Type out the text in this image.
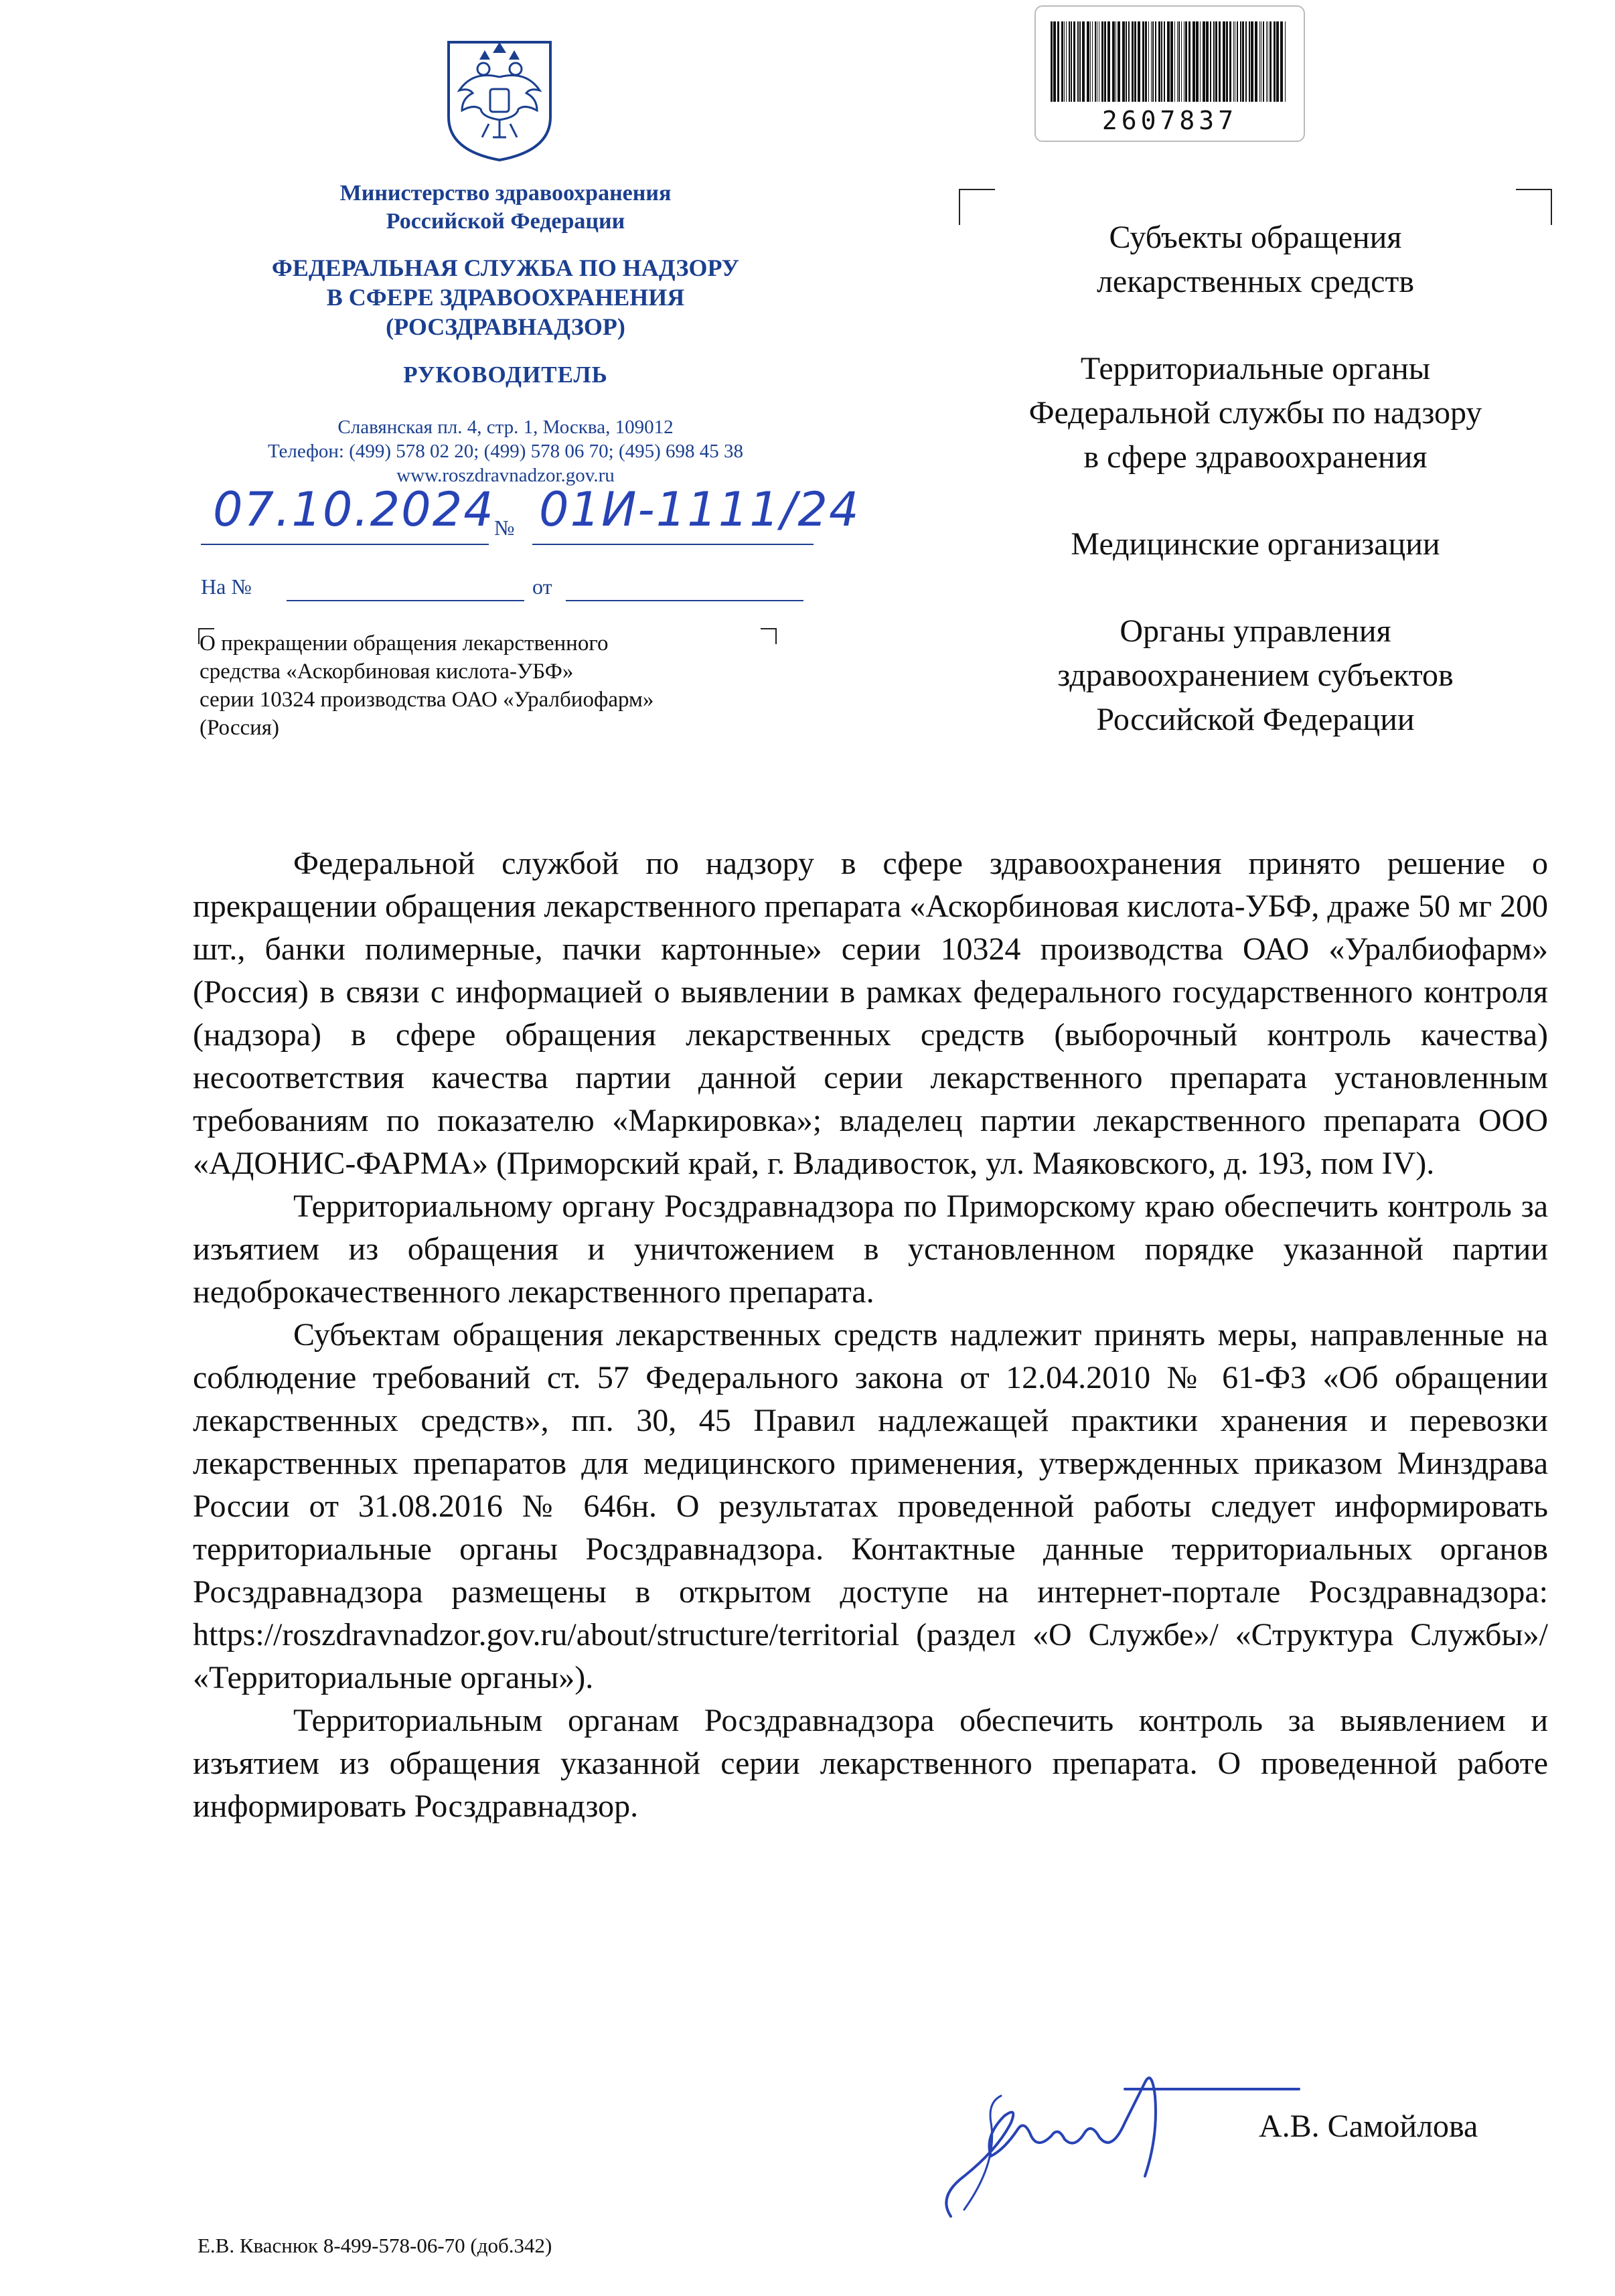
Министерство здравоохранения
Российской Федерации
ФЕДЕРАЛЬНАЯ СЛУЖБА ПО НАДЗОРУ
В СФЕРЕ ЗДРАВООХРАНЕНИЯ
(РОСЗДРАВНАДЗОР)
РУКОВОДИТЕЛЬ
Славянская пл. 4, стр. 1, Москва, 109012
Телефон: (499) 578 02 20; (499) 578 06 70; (495) 698 45 38
www.roszdravnadzor.gov.ru
07.10.2024 № 01И-1111/24
На №	от
О прекращении обращения лекарственного
средства «Аскорбиновая кислота-УБФ»
серии 10324 производства ОАО «Уралбиофарм»
(Россия)
2607837

Субъекты обращения
лекарственных средств

Территориальные органы
Федеральной службы по надзору
в сфере здравоохранения

Медицинские организации

Органы управления
здравоохранением субъектов
Российской Федерации

Федеральной службой по надзору в сфере здравоохранения принято решение о прекращении обращения лекарственного препарата «Аскорбиновая кислота-УБФ, драже 50 мг 200 шт., банки полимерные, пачки картонные» серии 10324 производства ОАО «Уралбиофарм» (Россия) в связи с информацией о выявлении в рамках федерального государственного контроля (надзора) в сфере обращения лекарственных средств (выборочный контроль качества) несоответствия качества партии данной серии лекарственного препарата установленным требованиям по показателю «Маркировка»; владелец партии лекарственного препарата ООО «АДОНИС-ФАРМА» (Приморский край, г. Владивосток, ул. Маяковского, д. 193, пом IV).

Территориальному органу Росздравнадзора по Приморскому краю обеспечить контроль за изъятием из обращения и уничтожением в установленном порядке указанной партии недоброкачественного лекарственного препарата.

Субъектам обращения лекарственных средств надлежит принять меры, направленные на соблюдение требований ст. 57 Федерального закона от 12.04.2010 № 61-ФЗ «Об обращении лекарственных средств», пп. 30, 45 Правил надлежащей практики хранения и перевозки лекарственных препаратов для медицинского применения, утвержденных приказом Минздрава России от 31.08.2016 № 646н. О результатах проведенной работы следует информировать территориальные органы Росздравнадзора. Контактные данные территориальных органов Росздравнадзора размещены в открытом доступе на интернет-портале Росздравнадзора: https://roszdravnadzor.gov.ru/about/structure/territorial (раздел «О Службе»/ «Структура Службы»/ «Территориальные органы»).

Территориальным органам Росздравнадзора обеспечить контроль за выявлением и изъятием из обращения указанной серии лекарственного препарата. О проведенной работе информировать Росздравнадзор.

А.В. Самойлова
Е.В. Кваснюк 8-499-578-06-70 (доб.342)
